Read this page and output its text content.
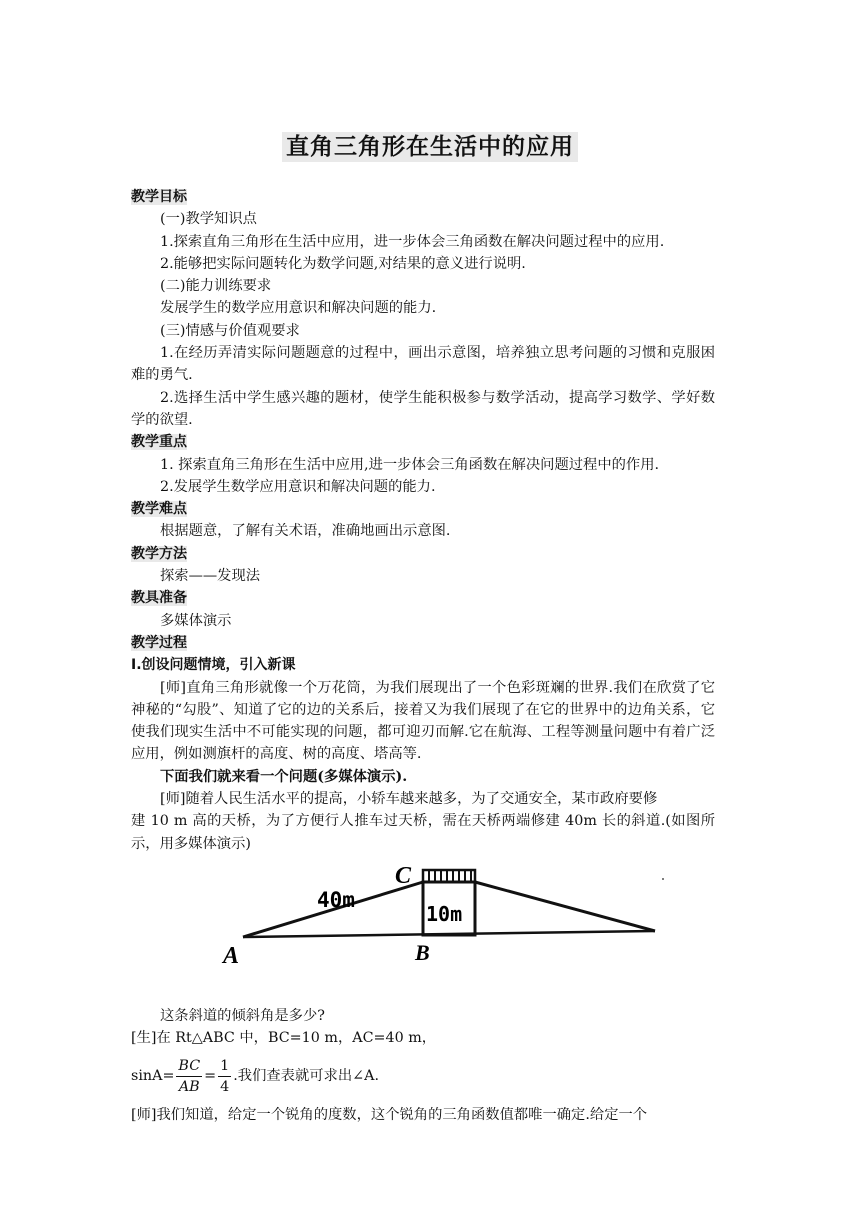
直角三角形在生活中的应用
教学目标
(一)教学知识点
1.探索直角三角形在生活中应用，进一步体会三角函数在解决问题过程中的应用.
2.能够把实际问题转化为数学问题,对结果的意义进行说明.
(二)能力训练要求
发展学生的数学应用意识和解决问题的能力.
(三)情感与价值观要求
1.在经历弄清实际问题题意的过程中，画出示意图，培养独立思考问题的习惯和克服困难的勇气.
2.选择生活中学生感兴趣的题材，使学生能积极参与数学活动，提高学习数学、学好数学的欲望.
教学重点
1. 探索直角三角形在生活中应用,进一步体会三角函数在解决问题过程中的作用.
2.发展学生数学应用意识和解决问题的能力.
教学难点
根据题意，了解有关术语，准确地画出示意图.
教学方法
探索——发现法
教具准备
多媒体演示
教学过程
Ⅰ.创设问题情境，引入新课
[师]直角三角形就像一个万花筒，为我们展现出了一个色彩斑斓的世界.我们在欣赏了它神秘的“勾股”、知道了它的边的关系后，接着又为我们展现了在它的世界中的边角关系，它使我们现实生活中不可能实现的问题，都可迎刃而解.它在航海、工程等测量问题中有着广泛应用，例如测旗杆的高度、树的高度、塔高等.
下面我们就来看一个问题(多媒体演示).
[师]随着人民生活水平的提高，小轿车越来越多，为了交通安全，某市政府要修
建 10 m 高的天桥，为了方便行人推车过天桥，需在天桥两端修建 40m 长的斜道.(如图所示，用多媒体演示)
A	B
C
40m
10m
这条斜道的倾斜角是多少?
[生]在 Rt△ABC 中，BC=10 m，AC=40 m，
$\sin A= \frac{BC}{AB} = \frac{1}{4}$ .我们查表就可求出∠A.
[师]我们知道，给定一个锐角的度数，这个锐角的三角函数值都唯一确定.给定一个
